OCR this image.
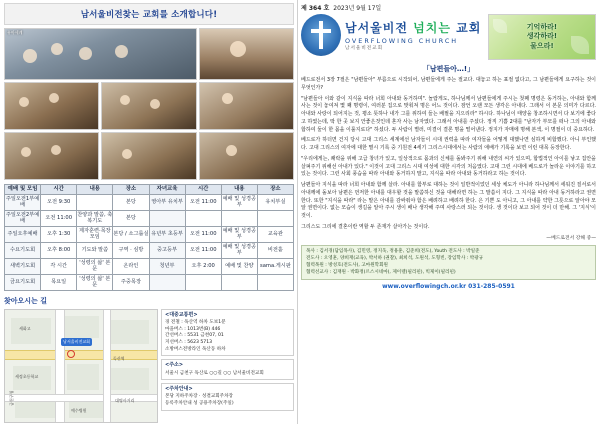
남서울비전찾는 교회를 소개합니다!
유아세례
예배 및 모임	시간	내용	장소	자녀교육	시간	내용	장소
주일오전1부예배	오전 9:30		본당	영아부 유치부	오전 11:00	예배 및 성경공부	유치부실
주일오전2부예배	오전 11:00	찬양과 말씀, 축복기도	본당				
주일오후예배	오후 1:30	제자훈련·목장모임	본당 / 소그룹실	유년부 초등부	오전 11:00	예배 및 성경공부	교육관
수요기도회	오후 8:00	기도와 말씀	구역 · 심방	중고등부	오전 11:00	예배 및 성경공부	비전홀
새벽기도회	각 시간	'성령의 삶' 본문	온라인	청년부	오후 2:00	예배 및 찬양	sama.게시판
금요기도회	목요일	'성령의 삶' 본문	주중목장				
찾아오시는 길
남서울비전교회
세정초등학교
독산역
세화고
예수병원
금천구청	대명사거리
<대중교통편>
경 전철 : 독산역 하차 도보1분
마을버스 : 1013번(B) 446
간선버스 : 5531 금천07, 01
지선버스 : 5623 5713
소방버스전방라인 독산동 하차
<주소>
서울시 금천구 독산로 ○○길 ○○ 남서울비전교회
<주차안내>
본당 지하주차장 · 성결교회주차장
등록주차안내 성 공용주차장(주일)
제 364 호 2023년 9월 17일
남서울비전 넘치는 교회
OVERFLOWING CHURCH
남서울비전교회
기억하라!
생각하라!
물으라!
「남편들아…!」

베드로전서 3장 7절은 "남편들아" 부름으로 시작되어, 남편들에게 주는 절교다. 대놓고 하는 표절 없다고, 그 남편들에게 요구하는 것이 무엇인가?

"남편들아 이와 같이 지식을 따라 너희 아내와 동거하며". 놀랍게도, 하나님께서 남편들에게 주시는 첫째 명령은 동거하는, 아내와 함께 사는 것이 놓여져 몇 째 명령이, 여러분 집으로 맞춰져 명은 어느 것이다. 잠언 오랜 모든 생각은 아내다. 그래서 이 본문 의미가 다르다. 아내와 사랑이 되어지는 것, 평소 뜻하나 내가 그를 위하여 들는 배필을 지으리라" 하시다. 하나님이 태양을 창조하시면서 다 보기에 좋다고 하였는데, 딱 한 곳 보지 안좋은것인데 혼자 사는 남자였다. 그래서 아내를 주셨다. 정직 기쁨 2대를 "남자가 부모를 떠나 그의 아내와 합하여 둘이 한 몸을 이룰지로다" 하셨다. 두 사람이 별러, 미결이 결론 명을 떨어낸다. 정지가 자매에 명해 본색, 이 명절이 더 중요하다.

베드로가 하더면 건지 당시 고대 그리스 세계에선 남자들이 시대 권력을 따라 여자들을 어떻게 대했나면 심하게 비합했다. 아니 부인했다. 고대 그리스의 여자에 대한 멸시 기록 중 기원전 4세기 그리스시대에서는 사람의 애배가 기록을 보면 이런 대목 등장한다.

"우리에게는, 쾌락을 위해 고급 창녀가 있고, 일상적으로 몸과의 신체를 돌봐주기 위해 내연의 씨가 있으며, 합법적인 아이를 낳고 집안을 살펴주기 위해선 아내가 있다." 이것이 고대 그리스 시대 여성에 대한 시각의 처음였다. 고대 그런 시대에 베드로가 놀라운 이야기를 하고 있는 것이다. 그런 사회 풍습을 따라 아내와 동거하지 말고, 지식을 따라 아내와 동거하라고 하는 것이다.

남편들아 지식을 따라 너희 아내와 함께 살라. 아내를 함부로 대하는 것이 일반적이었던 세상 체도가 아니라 하나님께서 세워진 질서로서 아내께에 돌보아 남편은 먼저한 아내를 대우할 것을 말씀하신 것을 대해라면 하는 그 말씀이 지다. 그 지식을 따라 아내 동거하라고 권면한다. 또한 "지식을 따라" 라는 말은 아내를 감싸줘야 함은 배려하고 배려하 한다. 은 기쁜 도 아니고, 그 아내를 약한 그릇으로 알아야 모 알 권면이다. 없는 모습이 생길을 알아 주시 생이 배나 생각해 주며 사랑스러 되는 것이다. 생 것이다 보고 되어 것이 더 만해. 그 '지식'이 것이.

그리스도 그리에 결혼이란 역할 두 존재가 살아가는 것이다.

—베드로전서 강해 중—
목사 : 김서경(담임목사), 김민영, 정지욱, 정용훈, 김준희(전도), Youth 전도사 : 박일준
전도사 : 오영훈, 양희재(교육), 박서하 (권찰), 최희석, 도원석, 도형빈, 장임학사 : 박광규
협력목원 : 방성호(전도사), 고마원학회원
협력선교사 : 김재원 · 박화정(르스시네마), 제이렐(필리핀), 빅제이(필리핀)
www.overflowingch.or.kr 031-285-0591
